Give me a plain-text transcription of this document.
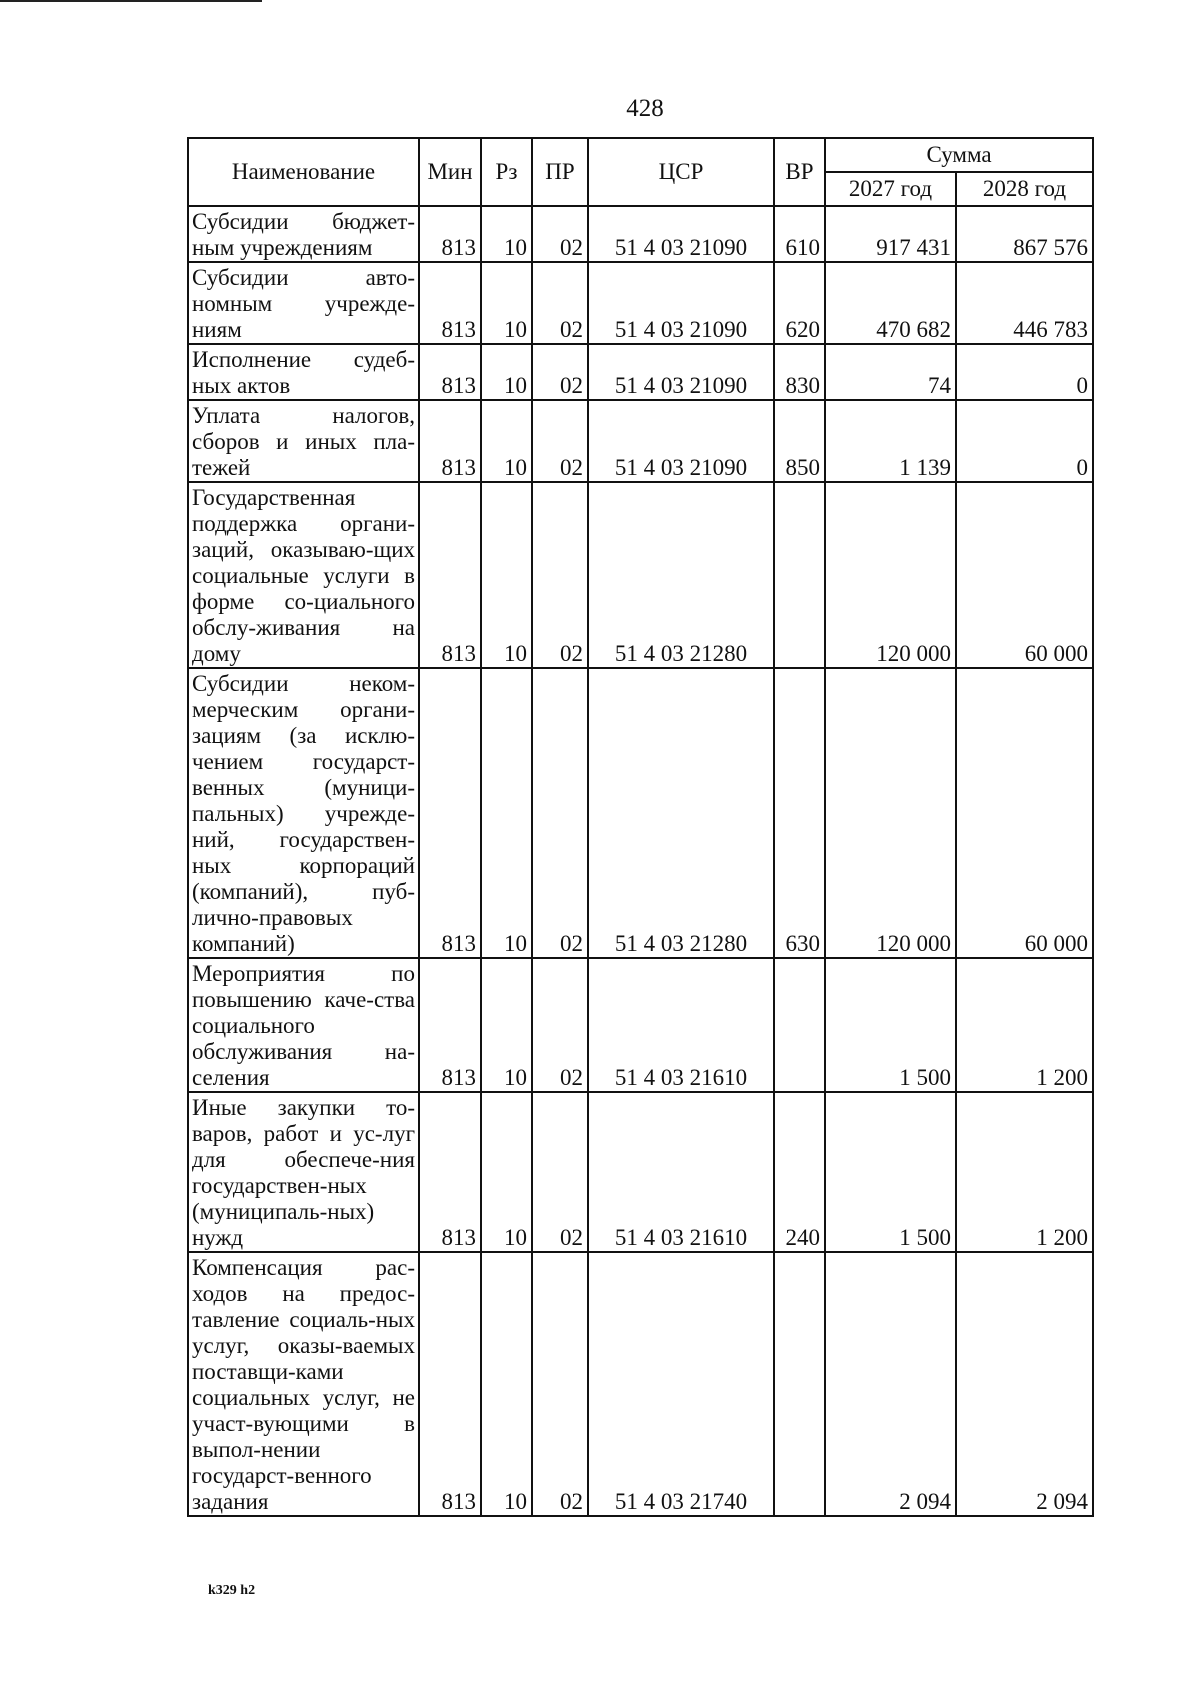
428
Наименование	Мин	Рз	ПР	ЦСР	ВР	Сумма	
						2027 год	2028 год
Субсидии бюджет-ным учреждениям	813	10	02	51 4 03 21090	610	917 431	867 576
Субсидии авто-номным учрежде-ниям	813	10	02	51 4 03 21090	620	470 682	446 783
Исполнение судеб-ных актов	813	10	02	51 4 03 21090	830	74	0
Уплата налогов, сборов и иных пла-тежей	813	10	02	51 4 03 21090	850	1 139	0
Государственная поддержка органи-заций, оказываю-щих социальные услуги в форме со-циального обслу-живания на дому	813	10	02	51 4 03 21280		120 000	60 000
Субсидии неком-мерческим органи-зациям (за исклю-чением государст-венных (муници-пальных) учрежде-ний, государствен-ных корпораций (компаний), пуб-лично-правовых компаний)	813	10	02	51 4 03 21280	630	120 000	60 000
Мероприятия по повышению каче-ства социального обслуживания на-селения	813	10	02	51 4 03 21610		1 500	1 200
Иные закупки то-варов, работ и ус-луг для обеспече-ния государствен-ных (муниципаль-ных) нужд	813	10	02	51 4 03 21610	240	1 500	1 200
Компенсация рас-ходов на предос-тавление социаль-ных услуг, оказы-ваемых поставщи-ками социальных услуг, не участ-вующими в выпол-нении государст-венного задания	813	10	02	51 4 03 21740		2 094	2 094
k329 h2
